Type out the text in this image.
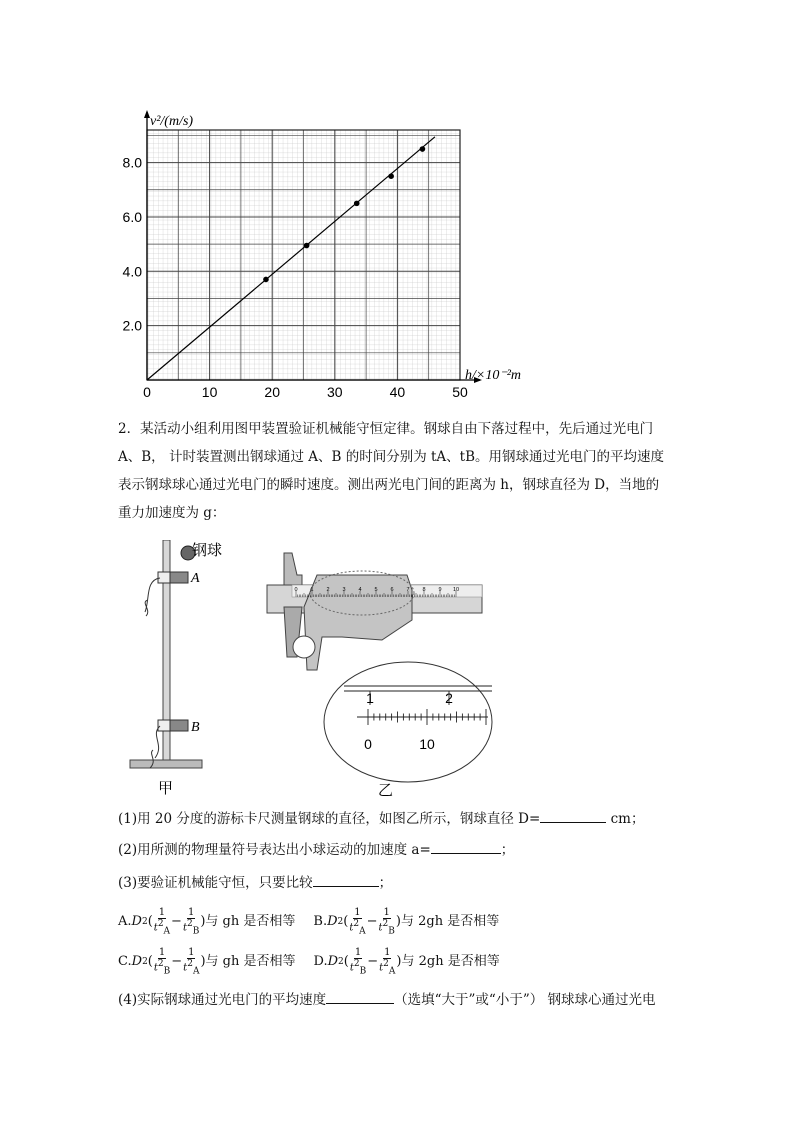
0	10	20	30	40	50
2.0
4.0
6.0
8.0
v²/(m/s)
h/×10⁻²m
2．某活动小组利用图甲装置验证机械能守恒定律。钢球自由下落过程中，先后通过光电门
A、B， 计时装置测出钢球通过 A、B 的时间分别为 tA、tB。用钢球通过光电门的平均速度
表示钢球球心通过光电门的瞬时速度。测出两光电门间的距离为 h，钢球直径为 D，当地的
重力加速度为 g：
钢球
A
B
甲
0 1 2 3 4 5 6 7 8 9 10
1	2
0	10
乙
(1)用 20 分度的游标卡尺测量钢球的直径，如图乙所示，钢球直径 D=	cm；
(2)用所测的物理量符号表达出小球运动的加速度 a=	；
(3)要验证机械能守恒，只要比较	；
A. D 2 ( $\frac{1}{t^2_A} - \frac{1}{t^2_B}$ ) 与 gh 是否相等 B. D 2 ( $\frac{1}{t^2_A} - \frac{1}{t^2_B}$ ) 与 2gh 是否相等
C. D 2 ( $\frac{1}{t^2_B} - \frac{1}{t^2_A}$ ) 与 gh 是否相等 D. D 2 ( $\frac{1}{t^2_B} - \frac{1}{t^2_A}$ ) 与 2gh 是否相等
(4)实际钢球通过光电门的平均速度	（选填“大于”或“小于”） 钢球球心通过光电
